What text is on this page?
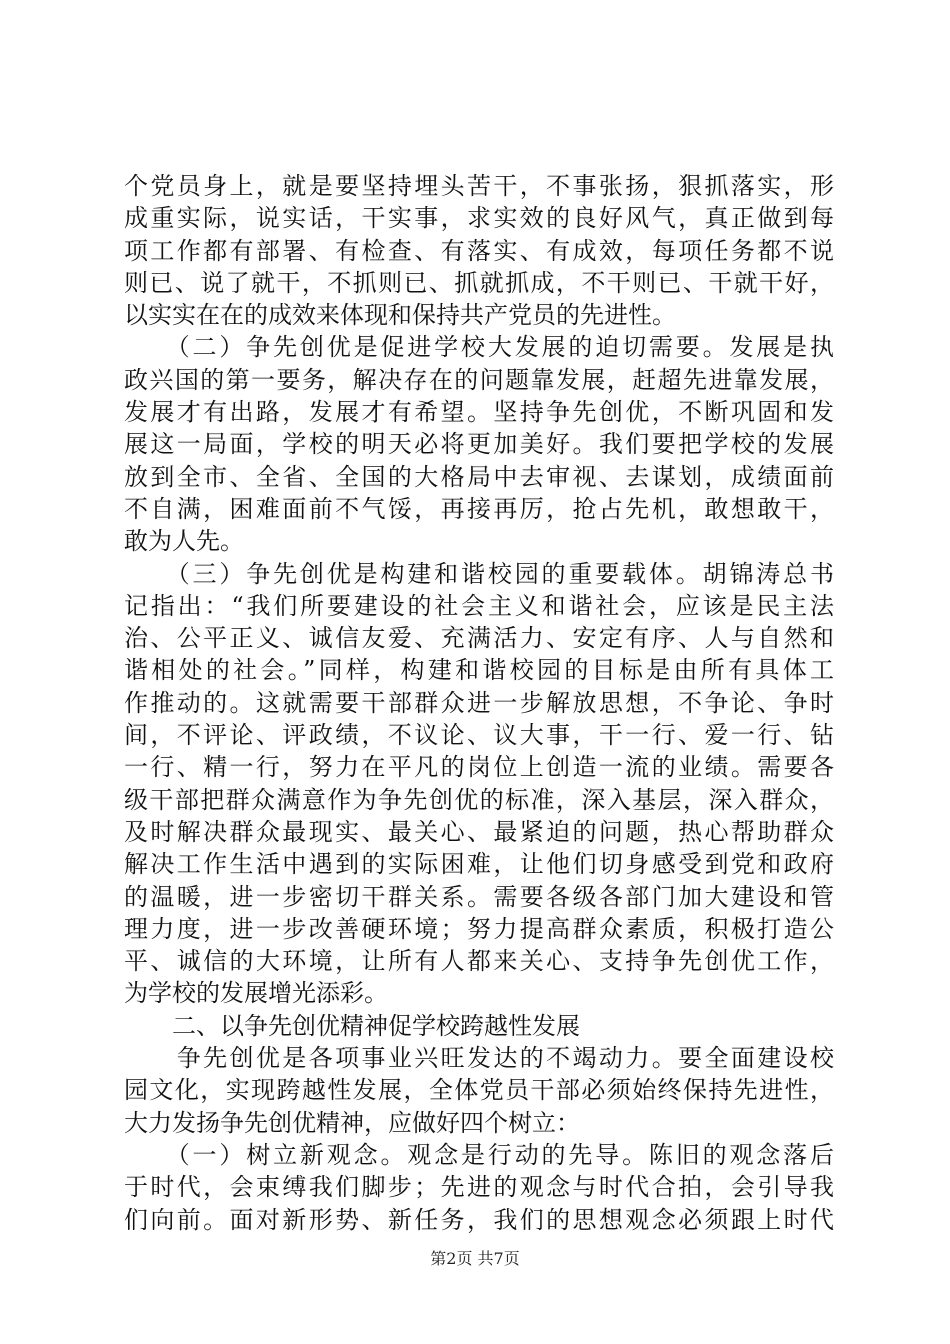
个党员身上，就是要坚持埋头苦干，不事张扬，狠抓落实，形
成重实际，说实话，干实事，求实效的良好风气，真正做到每
项工作都有部署、有检查、有落实、有成效，每项任务都不说
则已、说了就干，不抓则已、抓就抓成，不干则已、干就干好，
以实实在在的成效来体现和保持共产党员的先进性。
　　（二）争先创优是促进学校大发展的迫切需要。发展是执
政兴国的第一要务，解决存在的问题靠发展，赶超先进靠发展，
发展才有出路，发展才有希望。坚持争先创优，不断巩固和发
展这一局面，学校的明天必将更加美好。我们要把学校的发展
放到全市、全省、全国的大格局中去审视、去谋划，成绩面前
不自满，困难面前不气馁，再接再厉，抢占先机，敢想敢干，
敢为人先。
　　（三）争先创优是构建和谐校园的重要载体。胡锦涛总书
记指出：“我们所要建设的社会主义和谐社会，应该是民主法
治、公平正义、诚信友爱、充满活力、安定有序、人与自然和
谐相处的社会。”同样，构建和谐校园的目标是由所有具体工
作推动的。这就需要干部群众进一步解放思想，不争论、争时
间，不评论、评政绩，不议论、议大事，干一行、爱一行、钻
一行、精一行，努力在平凡的岗位上创造一流的业绩。需要各
级干部把群众满意作为争先创优的标准，深入基层，深入群众，
及时解决群众最现实、最关心、最紧迫的问题，热心帮助群众
解决工作生活中遇到的实际困难，让他们切身感受到党和政府
的温暖，进一步密切干群关系。需要各级各部门加大建设和管
理力度，进一步改善硬环境；努力提高群众素质，积极打造公
平、诚信的大环境，让所有人都来关心、支持争先创优工作，
为学校的发展增光添彩。
　　二、以争先创优精神促学校跨越性发展
　　争先创优是各项事业兴旺发达的不竭动力。要全面建设校
园文化，实现跨越性发展，全体党员干部必须始终保持先进性，
大力发扬争先创优精神，应做好四个树立：
　　（一）树立新观念。观念是行动的先导。陈旧的观念落后
于时代，会束缚我们脚步；先进的观念与时代合拍，会引导我
们向前。面对新形势、新任务，我们的思想观念必须跟上时代
第2页 共7页
